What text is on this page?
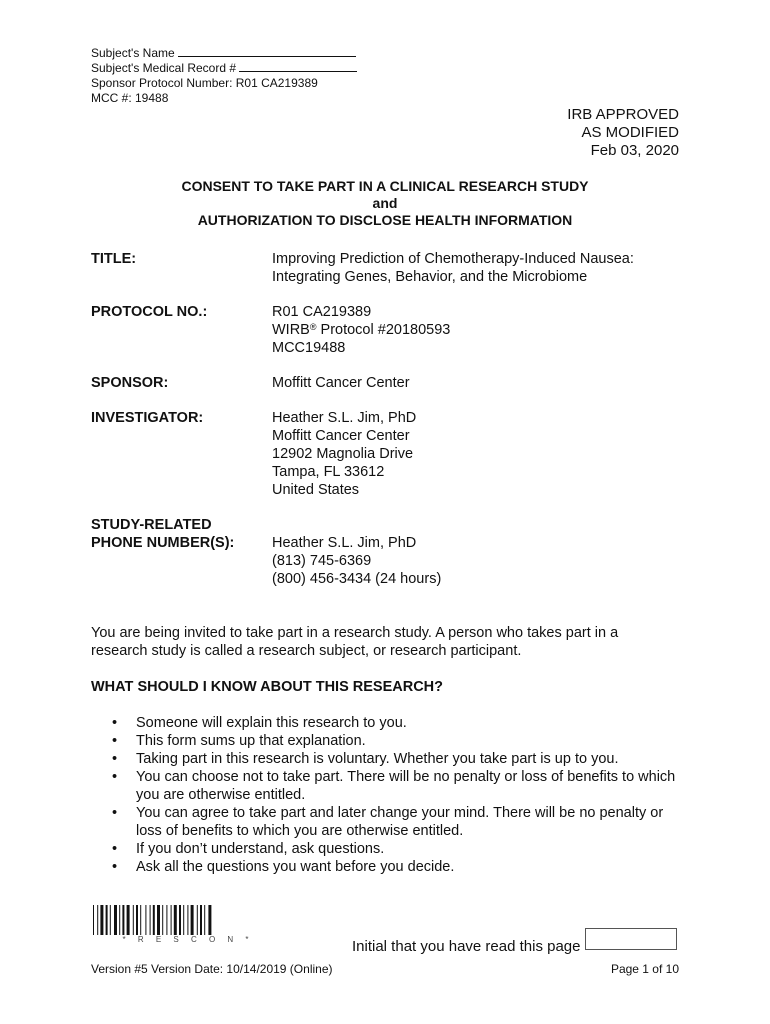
Subject's Name
Subject's Medical Record #
Sponsor Protocol Number: R01 CA219389
MCC #: 19488
IRB APPROVED
AS MODIFIED
Feb 03, 2020
CONSENT TO TAKE PART IN A CLINICAL RESEARCH STUDY
and
AUTHORIZATION TO DISCLOSE HEALTH INFORMATION
TITLE:	Improving Prediction of Chemotherapy-Induced Nausea:
Integrating Genes, Behavior, and the Microbiome
PROTOCOL NO.:	R01 CA219389
WIRB® Protocol #20180593
MCC19488
SPONSOR:	Moffitt Cancer Center
INVESTIGATOR:	Heather S.L. Jim, PhD
Moffitt Cancer Center
12902 Magnolia Drive
Tampa, FL 33612
United States
STUDY-RELATED
PHONE NUMBER(S):	Heather S.L. Jim, PhD
(813) 745-6369
(800) 456-3434 (24 hours)
You are being invited to take part in a research study. A person who takes part in a
research study is called a research subject, or research participant.
WHAT SHOULD I KNOW ABOUT THIS RESEARCH?
• Someone will explain this research to you.
• This form sums up that explanation.
• Taking part in this research is voluntary. Whether you take part is up to you.
• You can choose not to take part. There will be no penalty or loss of benefits to which you are otherwise entitled.
• You can agree to take part and later change your mind. There will be no penalty or loss of benefits to which you are otherwise entitled.
• If you don’t understand, ask questions.
• Ask all the questions you want before you decide.
* R E S C O N *	Initial that you have read this page
Version #5 Version Date: 10/14/2019 (Online)	Page 1 of 10
